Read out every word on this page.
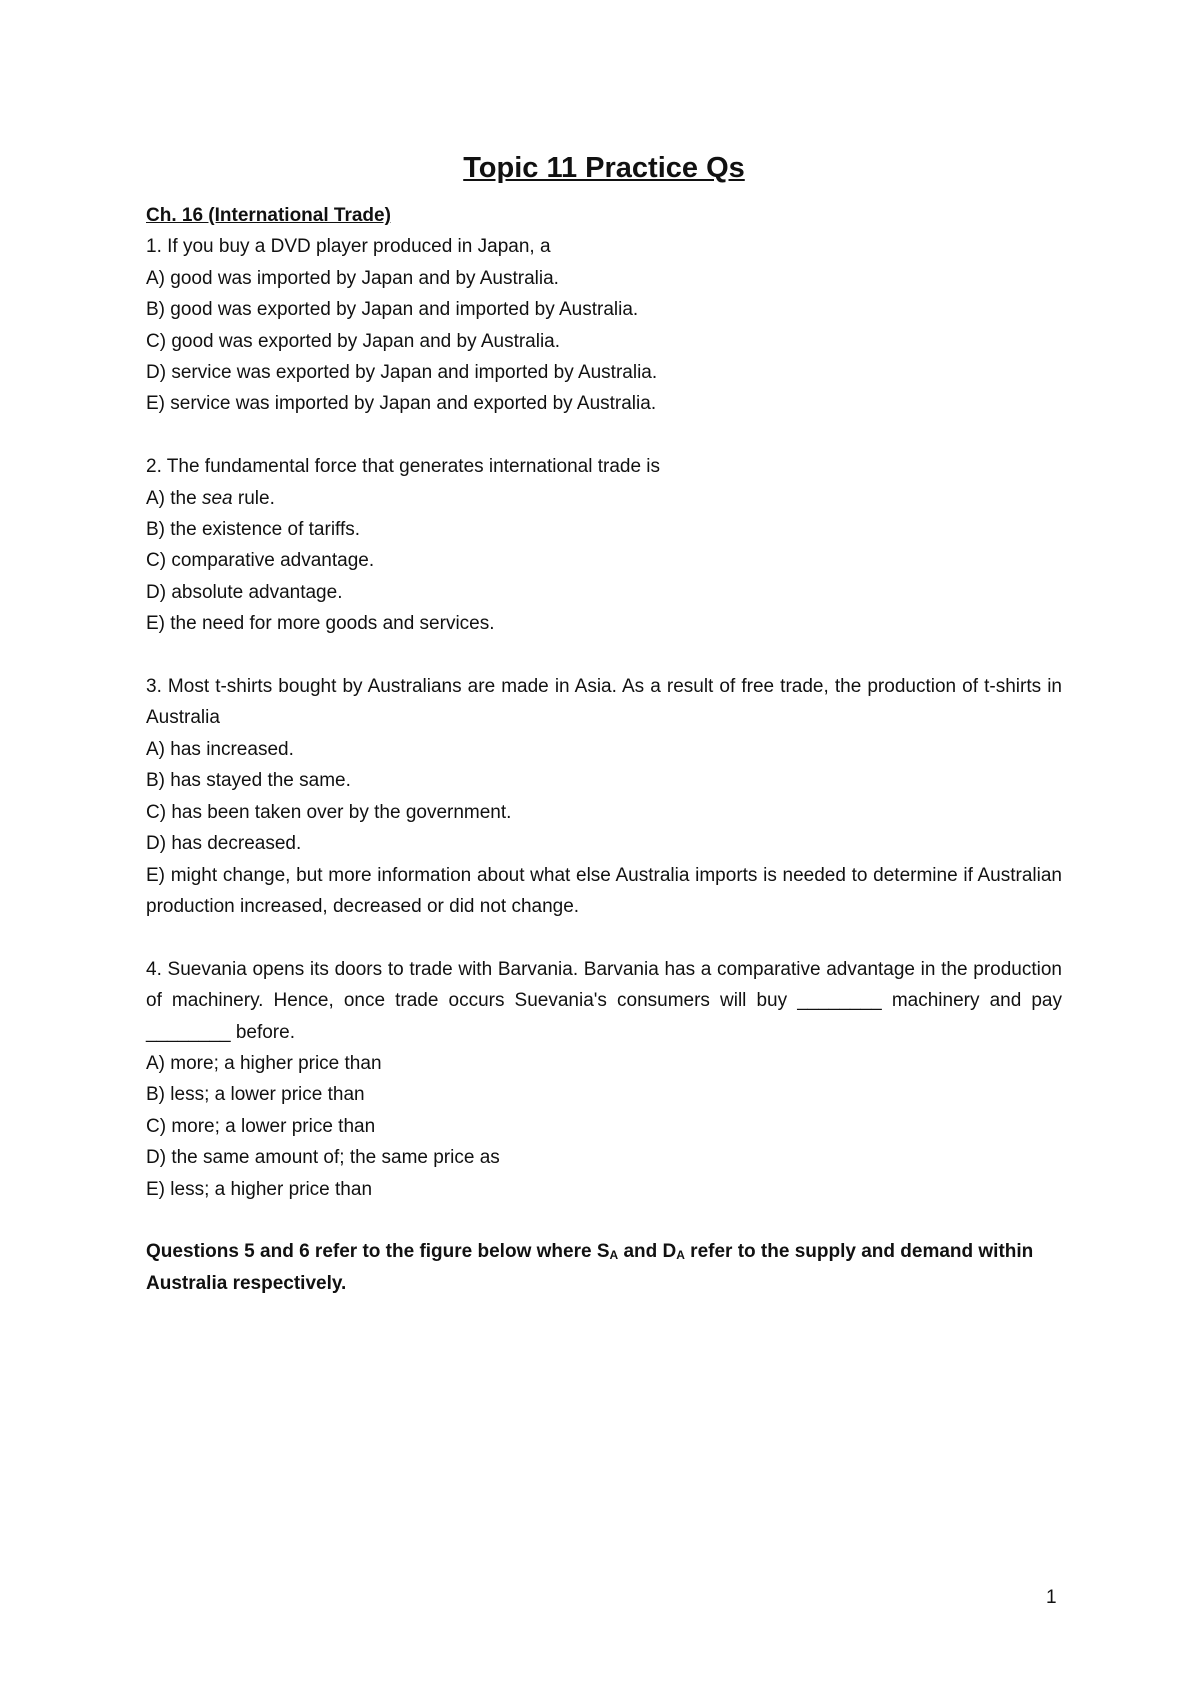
Topic 11 Practice Qs

Ch. 16 (International Trade)

1. If you buy a DVD player produced in Japan, a

A) good was imported by Japan and by Australia.

B) good was exported by Japan and imported by Australia.

C) good was exported by Japan and by Australia.

D) service was exported by Japan and imported by Australia.

E) service was imported by Japan and exported by Australia.

2. The fundamental force that generates international trade is

A) the sea rule.

B) the existence of tariffs.

C) comparative advantage.

D) absolute advantage.

E) the need for more goods and services.

3. Most t-shirts bought by Australians are made in Asia. As a result of free trade, the production of t-shirts in Australia

A) has increased.

B) has stayed the same.

C) has been taken over by the government.

D) has decreased.

E) might change, but more information about what else Australia imports is needed to determine if Australian production increased, decreased or did not change.

4. Suevania opens its doors to trade with Barvania. Barvania has a comparative advantage in the production of machinery. Hence, once trade occurs Suevania's consumers will buy ________ machinery and pay ________ before.

A) more; a higher price than

B) less; a lower price than

C) more; a lower price than

D) the same amount of; the same price as

E) less; a higher price than

Questions 5 and 6 refer to the figure below where $S_A$ and $D_A$ refer to the supply and demand within Australia respectively.

1
